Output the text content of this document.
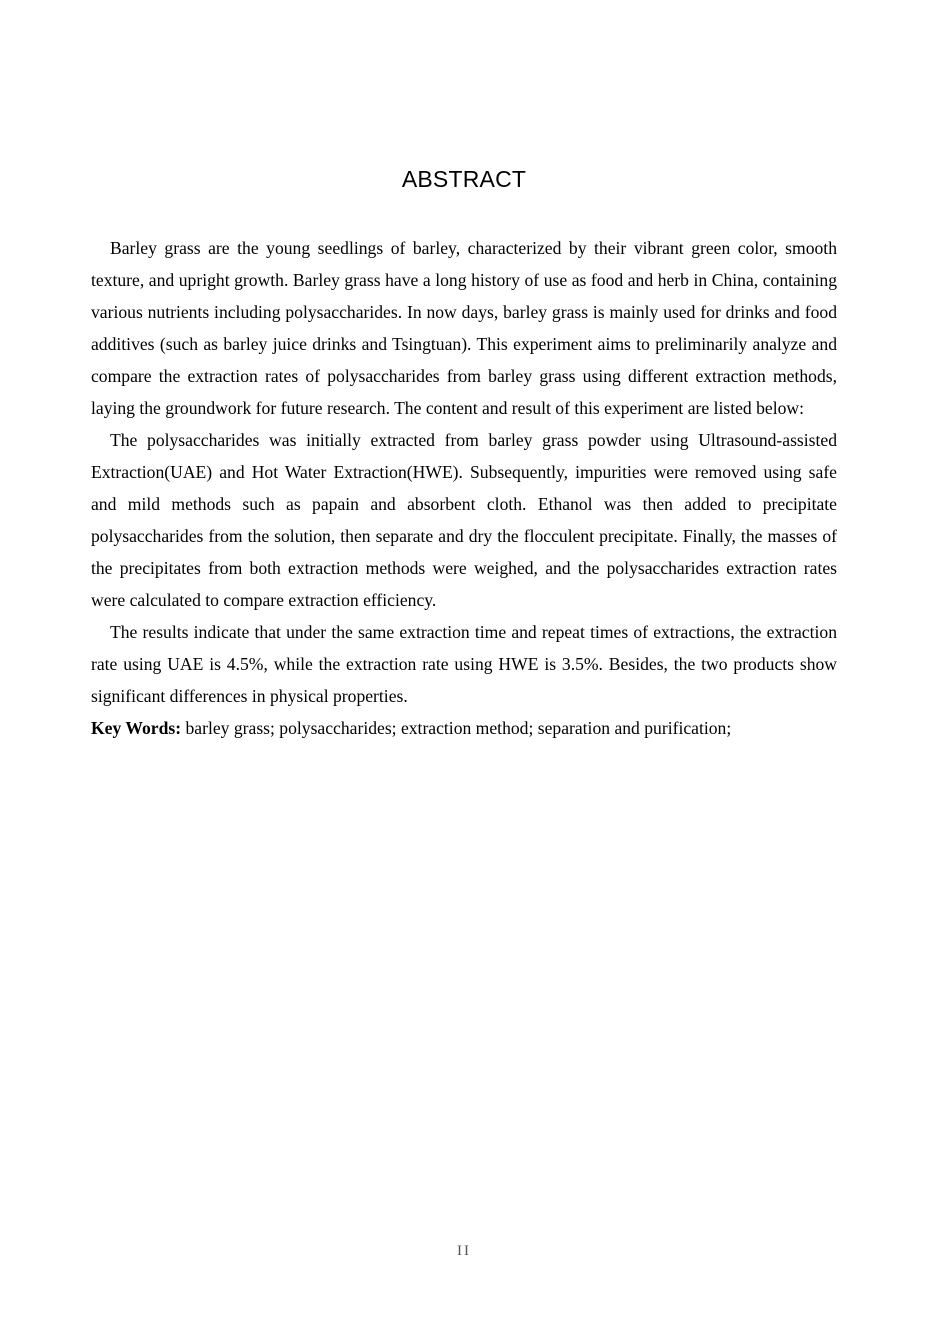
ABSTRACT

Barley grass are the young seedlings of barley, characterized by their vibrant green color, smooth texture, and upright growth. Barley grass have a long history of use as food and herb in China, containing various nutrients including polysaccharides. In now days, barley grass is mainly used for drinks and food additives (such as barley juice drinks and Tsingtuan). This experiment aims to preliminarily analyze and compare the extraction rates of polysaccharides from barley grass using different extraction methods, laying the groundwork for future research. The content and result of this experiment are listed below:

The polysaccharides was initially extracted from barley grass powder using Ultrasound-assisted Extraction(UAE) and Hot Water Extraction(HWE). Subsequently, impurities were removed using safe and mild methods such as papain and absorbent cloth. Ethanol was then added to precipitate polysaccharides from the solution, then separate and dry the flocculent precipitate. Finally, the masses of the precipitates from both extraction methods were weighed, and the polysaccharides extraction rates were calculated to compare extraction efficiency.

The results indicate that under the same extraction time and repeat times of extractions, the extraction rate using UAE is 4.5%, while the extraction rate using HWE is 3.5%. Besides, the two products show significant differences in physical properties.

Key Words: barley grass; polysaccharides; extraction method; separation and purification;

II
